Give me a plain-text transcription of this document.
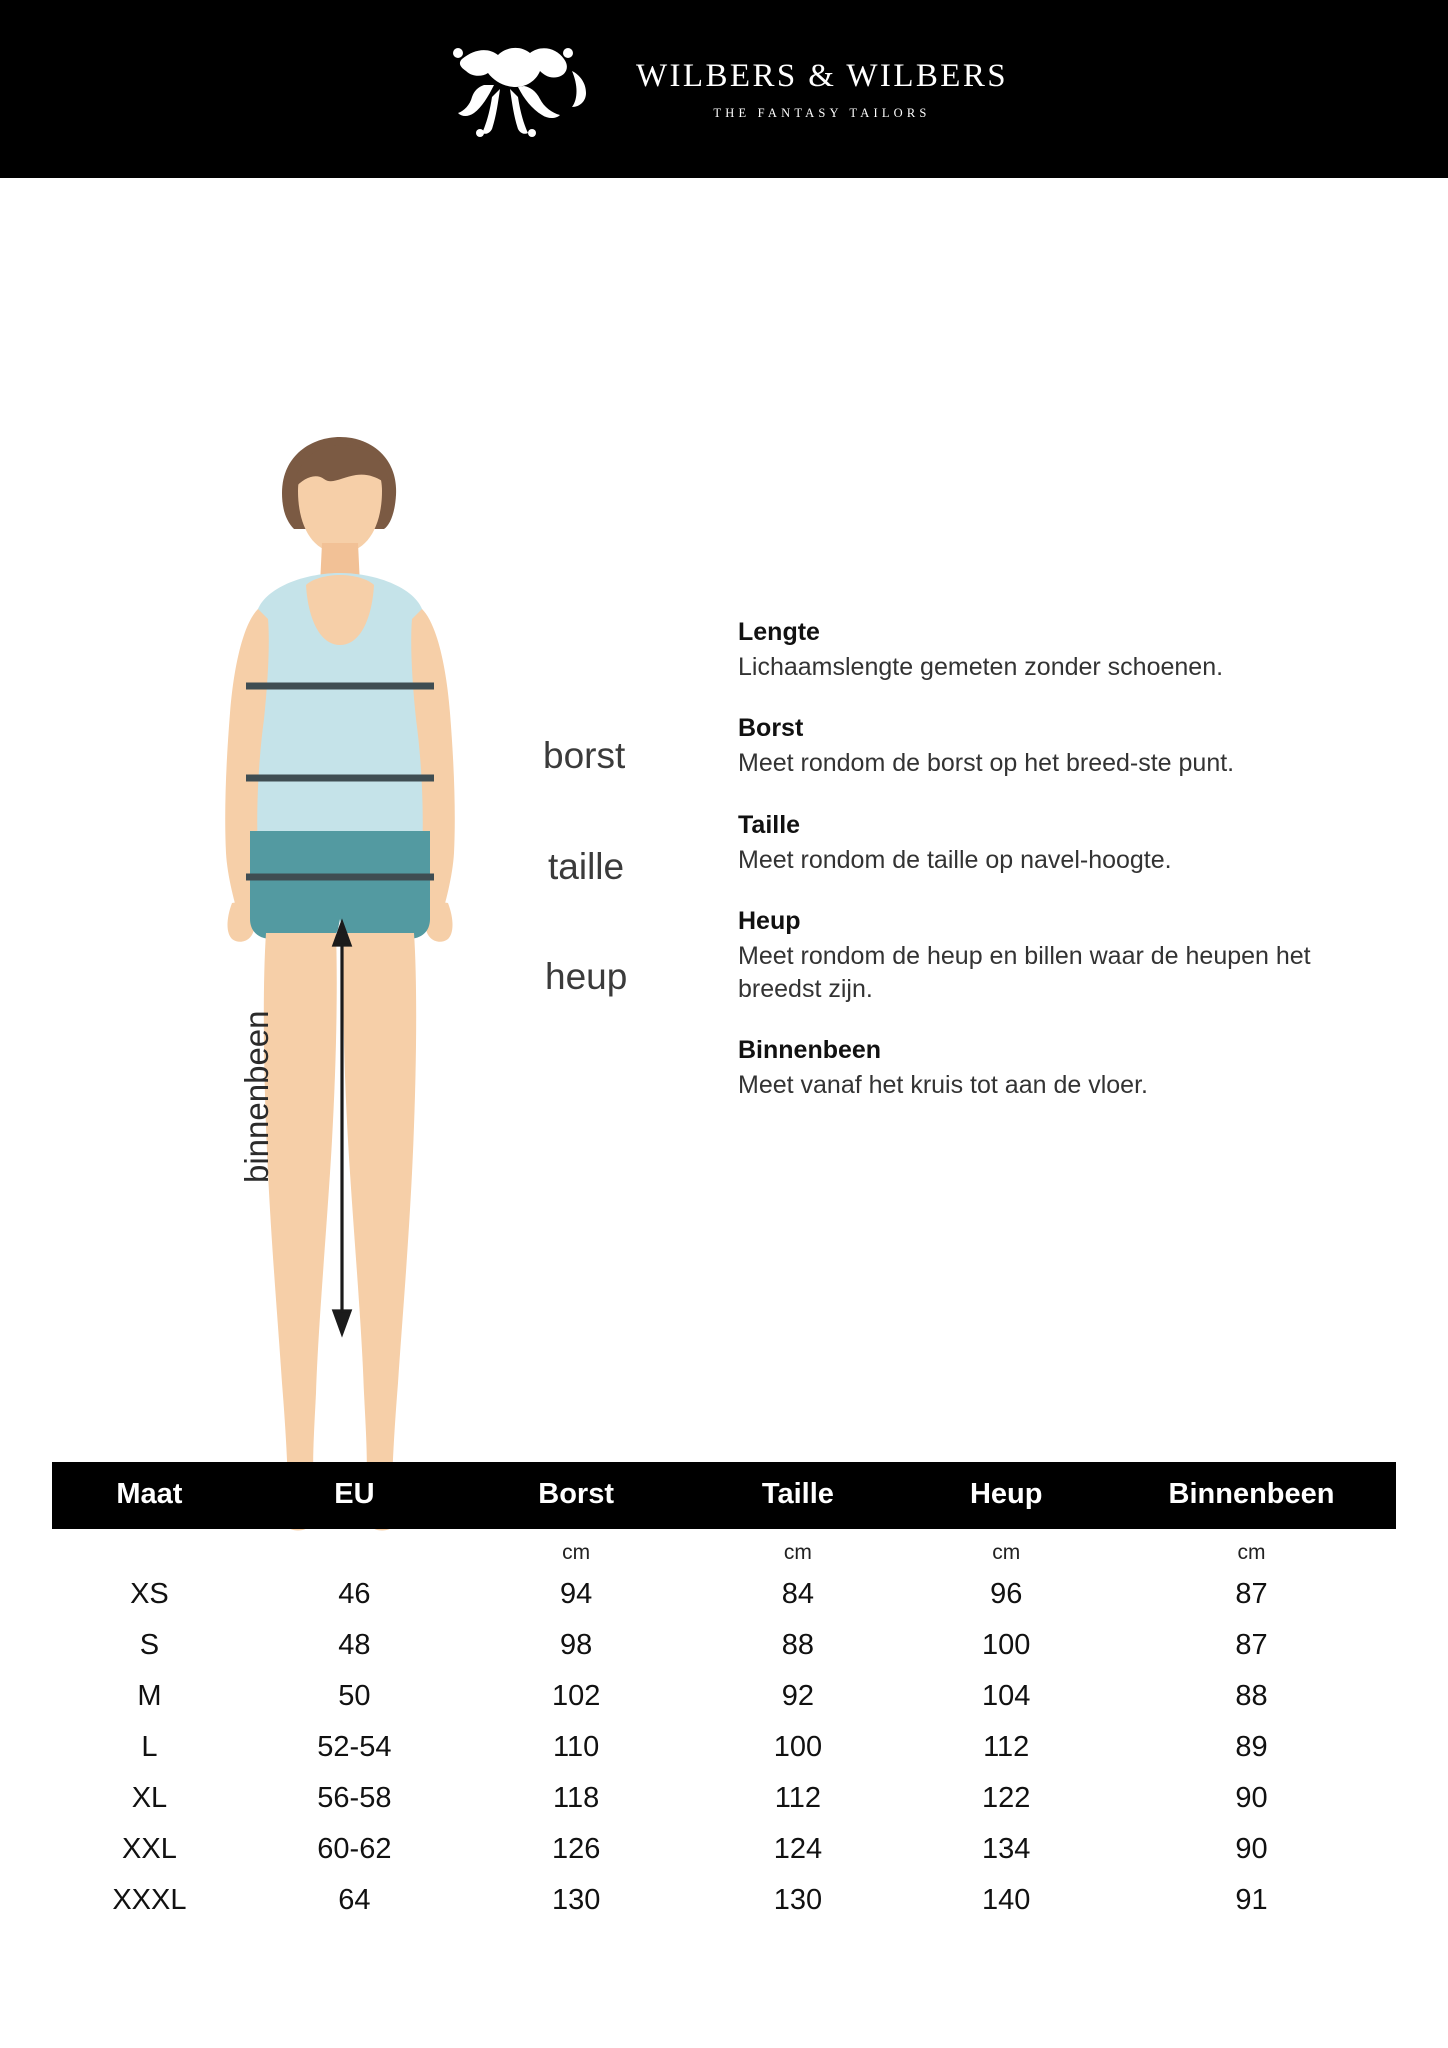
WILBERS & WILBERS
THE FANTASY TAILORS
borst
taille
heup
binnenbeen
Lengte
Lichaamslengte gemeten zonder schoenen.
Borst
Meet rondom de borst op het breed-ste punt.
Taille
Meet rondom de taille op navel-hoogte.
Heup
Meet rondom de heup en billen waar de heupen het breedst zijn.
Binnenbeen
Meet vanaf het kruis tot aan de vloer.
Maat	EU	Borst	Taille	Heup	Binnenbeen
		cm	cm	cm	cm
XS	46	94	84	96	87
S	48	98	88	100	87
M	50	102	92	104	88
L	52-54	110	100	112	89
XL	56-58	118	112	122	90
XXL	60-62	126	124	134	90
XXXL	64	130	130	140	91
